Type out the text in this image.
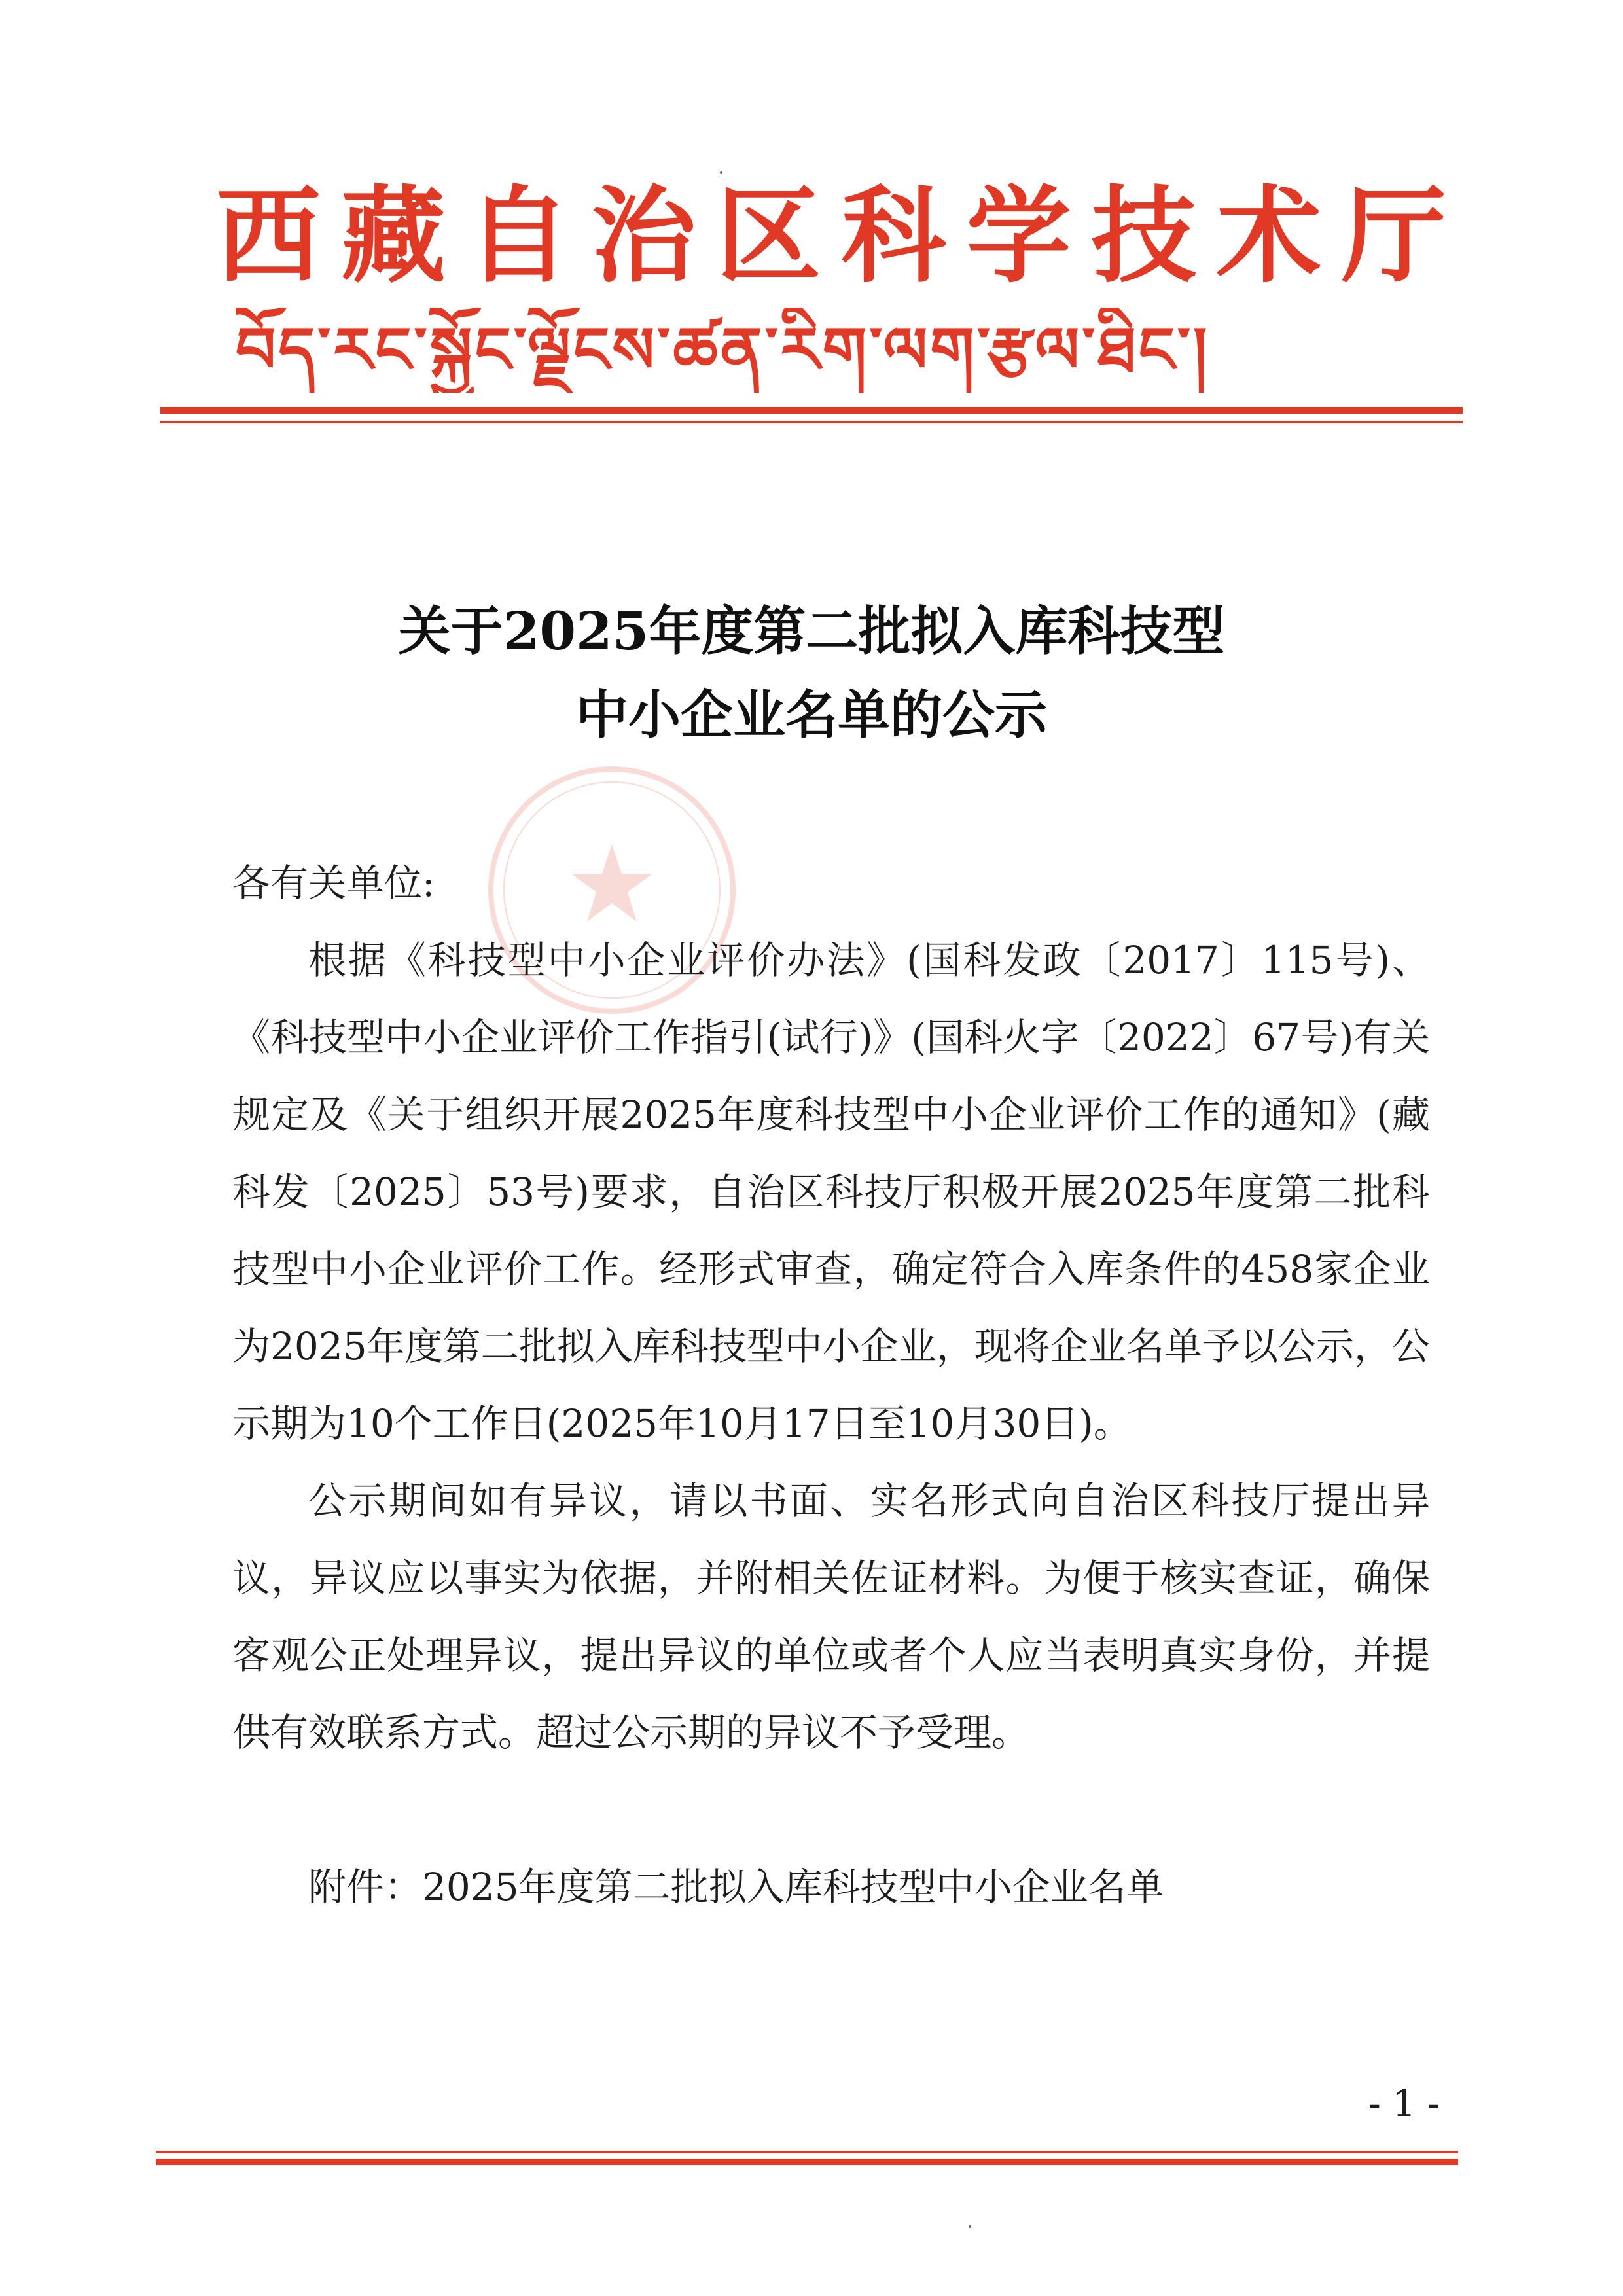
西 藏 自 治 区 科 学 技 术 厅
བོད་རང་སྐྱོང་ལྗོངས་ཚན་རིག་ལག་རྩལ་ཐིང་།
关于2025年度第二批拟入库科技型
中小企业名单的公示

各有关单位:

根据《科技型中小企业评价办法》(国科发政〔2017〕115号)、《科技型中小企业评价工作指引(试行)》(国科火字〔2022〕67号)有关规定及《关于组织开展2025年度科技型中小企业评价工作的通知》(藏科发〔2025〕53号)要求，自治区科技厅积极开展2025年度第二批科技型中小企业评价工作。经形式审查，确定符合入库条件的458家企业为2025年度第二批拟入库科技型中小企业，现将企业名单予以公示，公示期为10个工作日(2025年10月17日至10月30日)。

公示期间如有异议，请以书面、实名形式向自治区科技厅提出异议，异议应以事实为依据，并附相关佐证材料。为便于核实查证，确保客观公正处理异议，提出异议的单位或者个人应当表明真实身份，并提供有效联系方式。超过公示期的异议不予受理。

附件：2025年度第二批拟入库科技型中小企业名单

- 1 -
